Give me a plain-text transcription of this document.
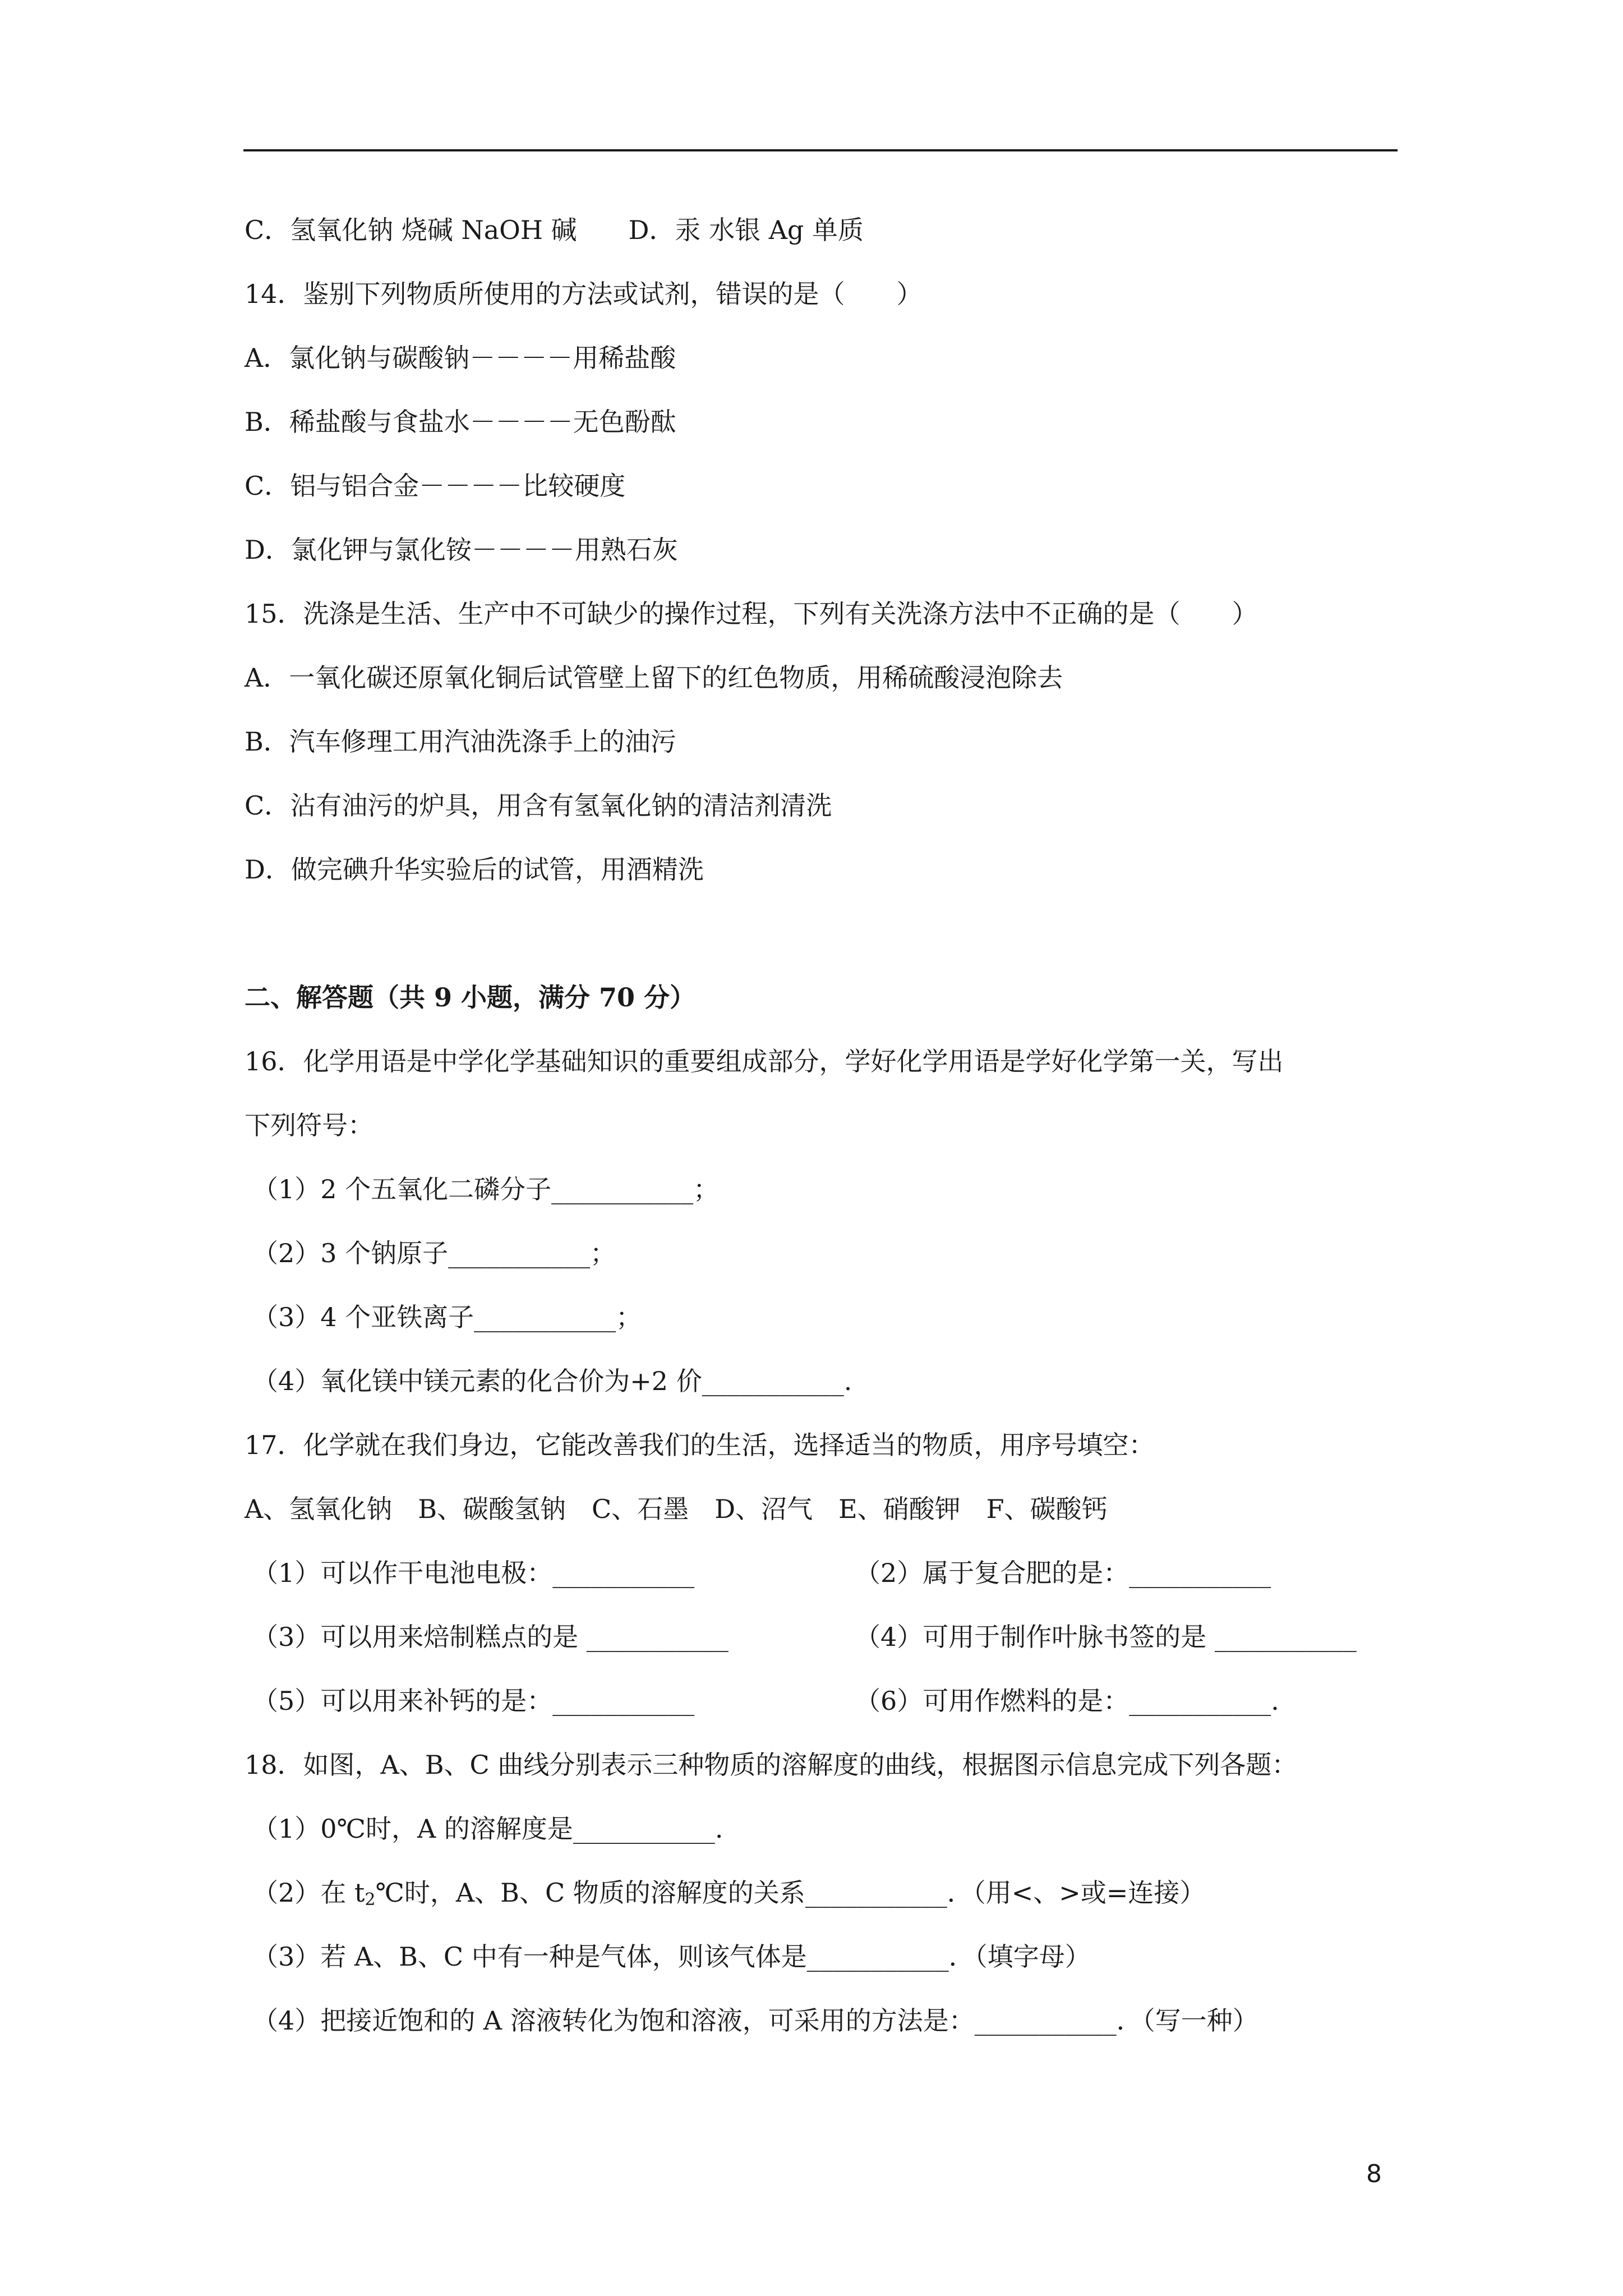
C．氢氧化钠 烧碱 NaOH 碱　　D．汞 水银 Ag 单质
14．鉴别下列物质所使用的方法或试剂，错误的是（　　）
A．氯化钠与碳酸钠－－－－用稀盐酸
B．稀盐酸与食盐水－－－－无色酚酞
C．铝与铝合金－－－－比较硬度
D．氯化钾与氯化铵－－－－用熟石灰
15．洗涤是生活、生产中不可缺少的操作过程，下列有关洗涤方法中不正确的是（　　）
A．一氧化碳还原氧化铜后试管壁上留下的红色物质，用稀硫酸浸泡除去
B．汽车修理工用汽油洗涤手上的油污
C．沾有油污的炉具，用含有氢氧化钠的清洁剂清洗
D．做完碘升华实验后的试管，用酒精洗
二、解答题（共 9 小题，满分 70 分）
16．化学用语是中学化学基础知识的重要组成部分，学好化学用语是学好化学第一关，写出
下列符号：
（1）2 个五氧化二磷分子___________；
（2）3 个钠原子___________；
（3）4 个亚铁离子___________；
（4）氧化镁中镁元素的化合价为+2 价___________.
17．化学就在我们身边，它能改善我们的生活，选择适当的物质，用序号填空：
A、氢氧化钠　B、碳酸氢钠　C、石墨　D、沼气　E、硝酸钾　F、碳酸钙
（1）可以作干电池电极：___________	（2）属于复合肥的是：___________
（3）可以用来焙制糕点的是 ___________	（4）可用于制作叶脉书签的是 ___________
（5）可以用来补钙的是：___________	（6）可用作燃料的是：___________.
18．如图，A、B、C 曲线分别表示三种物质的溶解度的曲线，根据图示信息完成下列各题：
（1）0℃时，A 的溶解度是___________.
（2）在 $t_2℃$时，A、B、C 物质的溶解度的关系___________．（用<、>或=连接）
（3）若 A、B、C 中有一种是气体，则该气体是___________．（填字母）
（4）把接近饱和的 A 溶液转化为饱和溶液，可采用的方法是：___________．（写一种）
8
